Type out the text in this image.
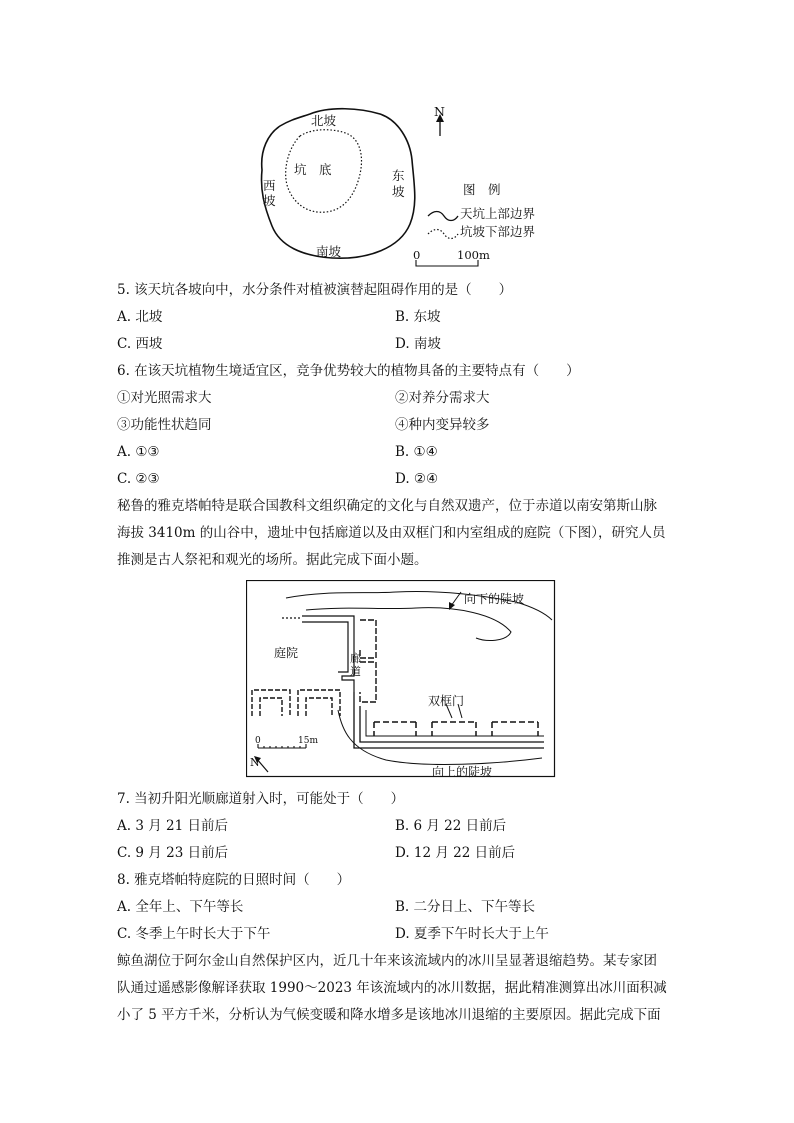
N
北坡
坑　底
西
坡
东
坡
南坡
图　例
天坑上部边界
坑坡下部边界
0	100m
5. 该天坑各坡向中，水分条件对植被演替起阻碍作用的是（　　）
A. 北坡	B. 东坡
C. 西坡	D. 南坡
6. 在该天坑植物生境适宜区，竞争优势较大的植物具备的主要特点有（　　）
①对光照需求大	②对养分需求大
③功能性状趋同	④种内变异较多
A. ①③	B. ①④
C. ②③	D. ②④
秘鲁的雅克塔帕特是联合国教科文组织确定的文化与自然双遗产，位于赤道以南安第斯山脉
海拔 3410m 的山谷中，遗址中包括廊道以及由双框门和内室组成的庭院（下图），研究人员
推测是古人祭祀和观光的场所。据此完成下面小题。
向下的陡坡
庭院	廊
道
双框门
0	15m
N
向上的陡坡
7. 当初升阳光顺廊道射入时，可能处于（　　）
A. 3 月 21 日前后	B. 6 月 22 日前后
C. 9 月 23 日前后	D. 12 月 22 日前后
8. 雅克塔帕特庭院的日照时间（　　）
A. 全年上、下午等长	B. 二分日上、下午等长
C. 冬季上午时长大于下午	D. 夏季下午时长大于上午
鲸鱼湖位于阿尔金山自然保护区内，近几十年来该流域内的冰川呈显著退缩趋势。某专家团
队通过遥感影像解译获取 1990～2023 年该流域内的冰川数据，据此精准测算出冰川面积减
小了 5 平方千米，分析认为气候变暖和降水增多是该地冰川退缩的主要原因。据此完成下面
